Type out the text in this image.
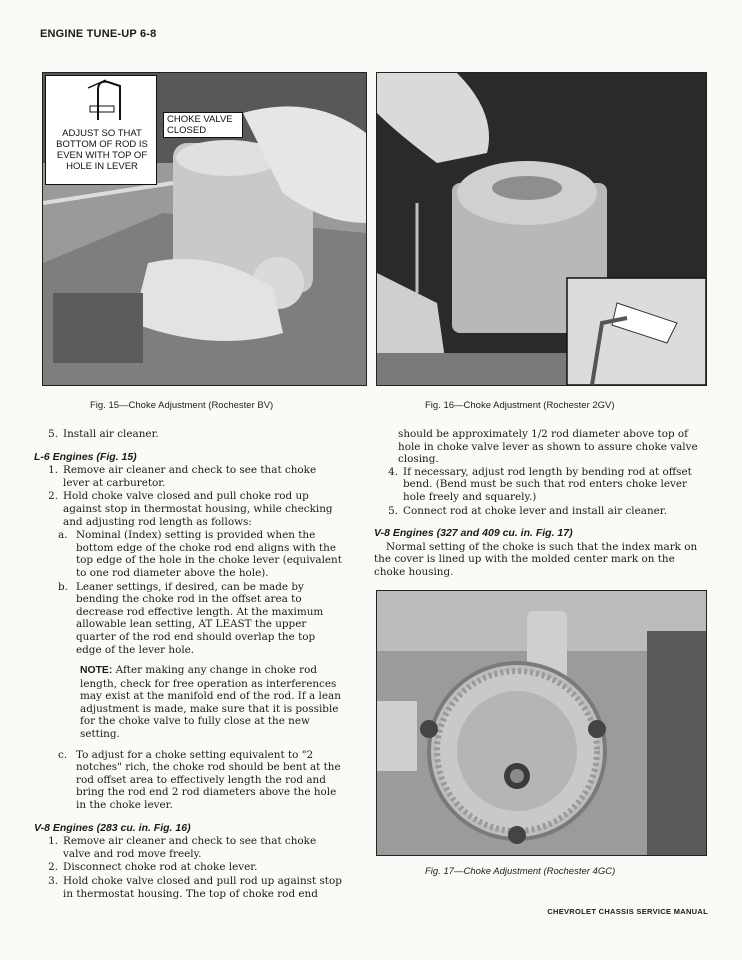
ENGINE TUNE-UP 6-8
ADJUST SO THAT BOTTOM OF ROD IS EVEN WITH TOP OF HOLE IN LEVER
CHOKE VALVE CLOSED
Fig. 15—Choke Adjustment (Rochester BV)	Fig. 16—Choke Adjustment (Rochester 2GV)
Fig. 17—Choke Adjustment (Rochester 4GC)
5. Install air cleaner.
L-6 Engines (Fig. 15)
1. Remove air cleaner and check to see that choke lever at carburetor.
2. Hold choke valve closed and pull choke rod up against stop in thermostat housing, while checking and adjusting rod length as follows:
a. Nominal (Index) setting is provided when the bottom edge of the choke rod end aligns with the top edge of the hole in the choke lever (equivalent to one rod diameter above the hole).
b. Leaner settings, if desired, can be made by bending the choke rod in the offset area to decrease rod effective length. At the maximum allowable lean setting, AT LEAST the upper quarter of the rod end should overlap the top edge of the lever hole.
NOTE: After making any change in choke rod length, check for free operation as interferences may exist at the manifold end of the rod. If a lean adjustment is made, make sure that it is possible for the choke valve to fully close at the new setting.
c. To adjust for a choke setting equivalent to "2 notches" rich, the choke rod should be bent at the rod offset area to effectively length the rod and bring the rod end 2 rod diameters above the hole in the choke lever.
V-8 Engines (283 cu. in. Fig. 16)
1. Remove air cleaner and check to see that choke valve and rod move freely.
2. Disconnect choke rod at choke lever.
3. Hold choke valve closed and pull rod up against stop in thermostat housing. The top of choke rod end

should be approximately 1/2 rod diameter above top of hole in choke valve lever as shown to assure choke valve closing.

4. If necessary, adjust rod length by bending rod at offset bend. (Bend must be such that rod enters choke lever hole freely and squarely.)
5. Connect rod at choke lever and install air cleaner.
V-8 Engines (327 and 409 cu. in. Fig. 17)

Normal setting of the choke is such that the index mark on the cover is lined up with the molded center mark on the choke housing.

CHEVROLET CHASSIS SERVICE MANUAL
